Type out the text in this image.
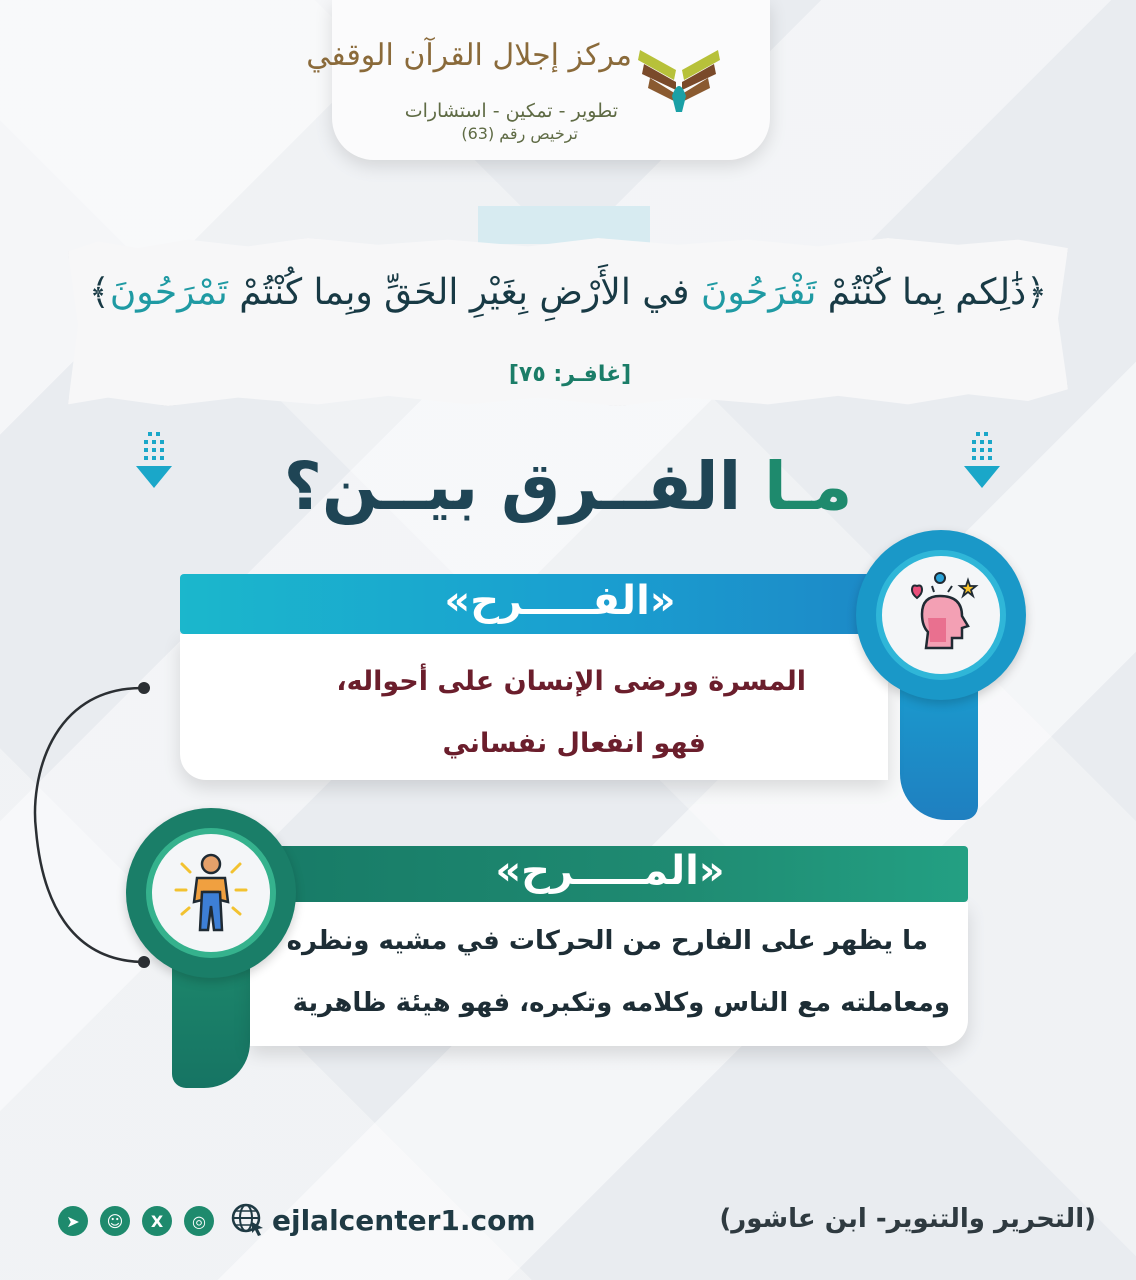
مركز إجلال القرآن الوقفي
تطوير - تمكين - استشارات
ترخيص رقم (63)
﴿ذَٰلِكم بِما كُنْتُمْ تَفْرَحُونَ في الأَرْضِ بِغَيْرِ الحَقِّ وبِما كُنْتُمْ تَمْرَحُونَ﴾
[غافـر: ٧٥]
مـا الفــرق بيــن؟
«الفـــــرح»
المسرة ورضى الإنسان على أحواله،
فهو انفعال نفساني
«المـــــرح»
ما يظهر على الفارح من الحركات في مشيه ونظره
ومعاملته مع الناس وكلامه وتكبره، فهو هيئة ظاهرية
(التحرير والتنوير- ابن عاشور)
ejlalcenter1.com
◎
X
☺
➤
